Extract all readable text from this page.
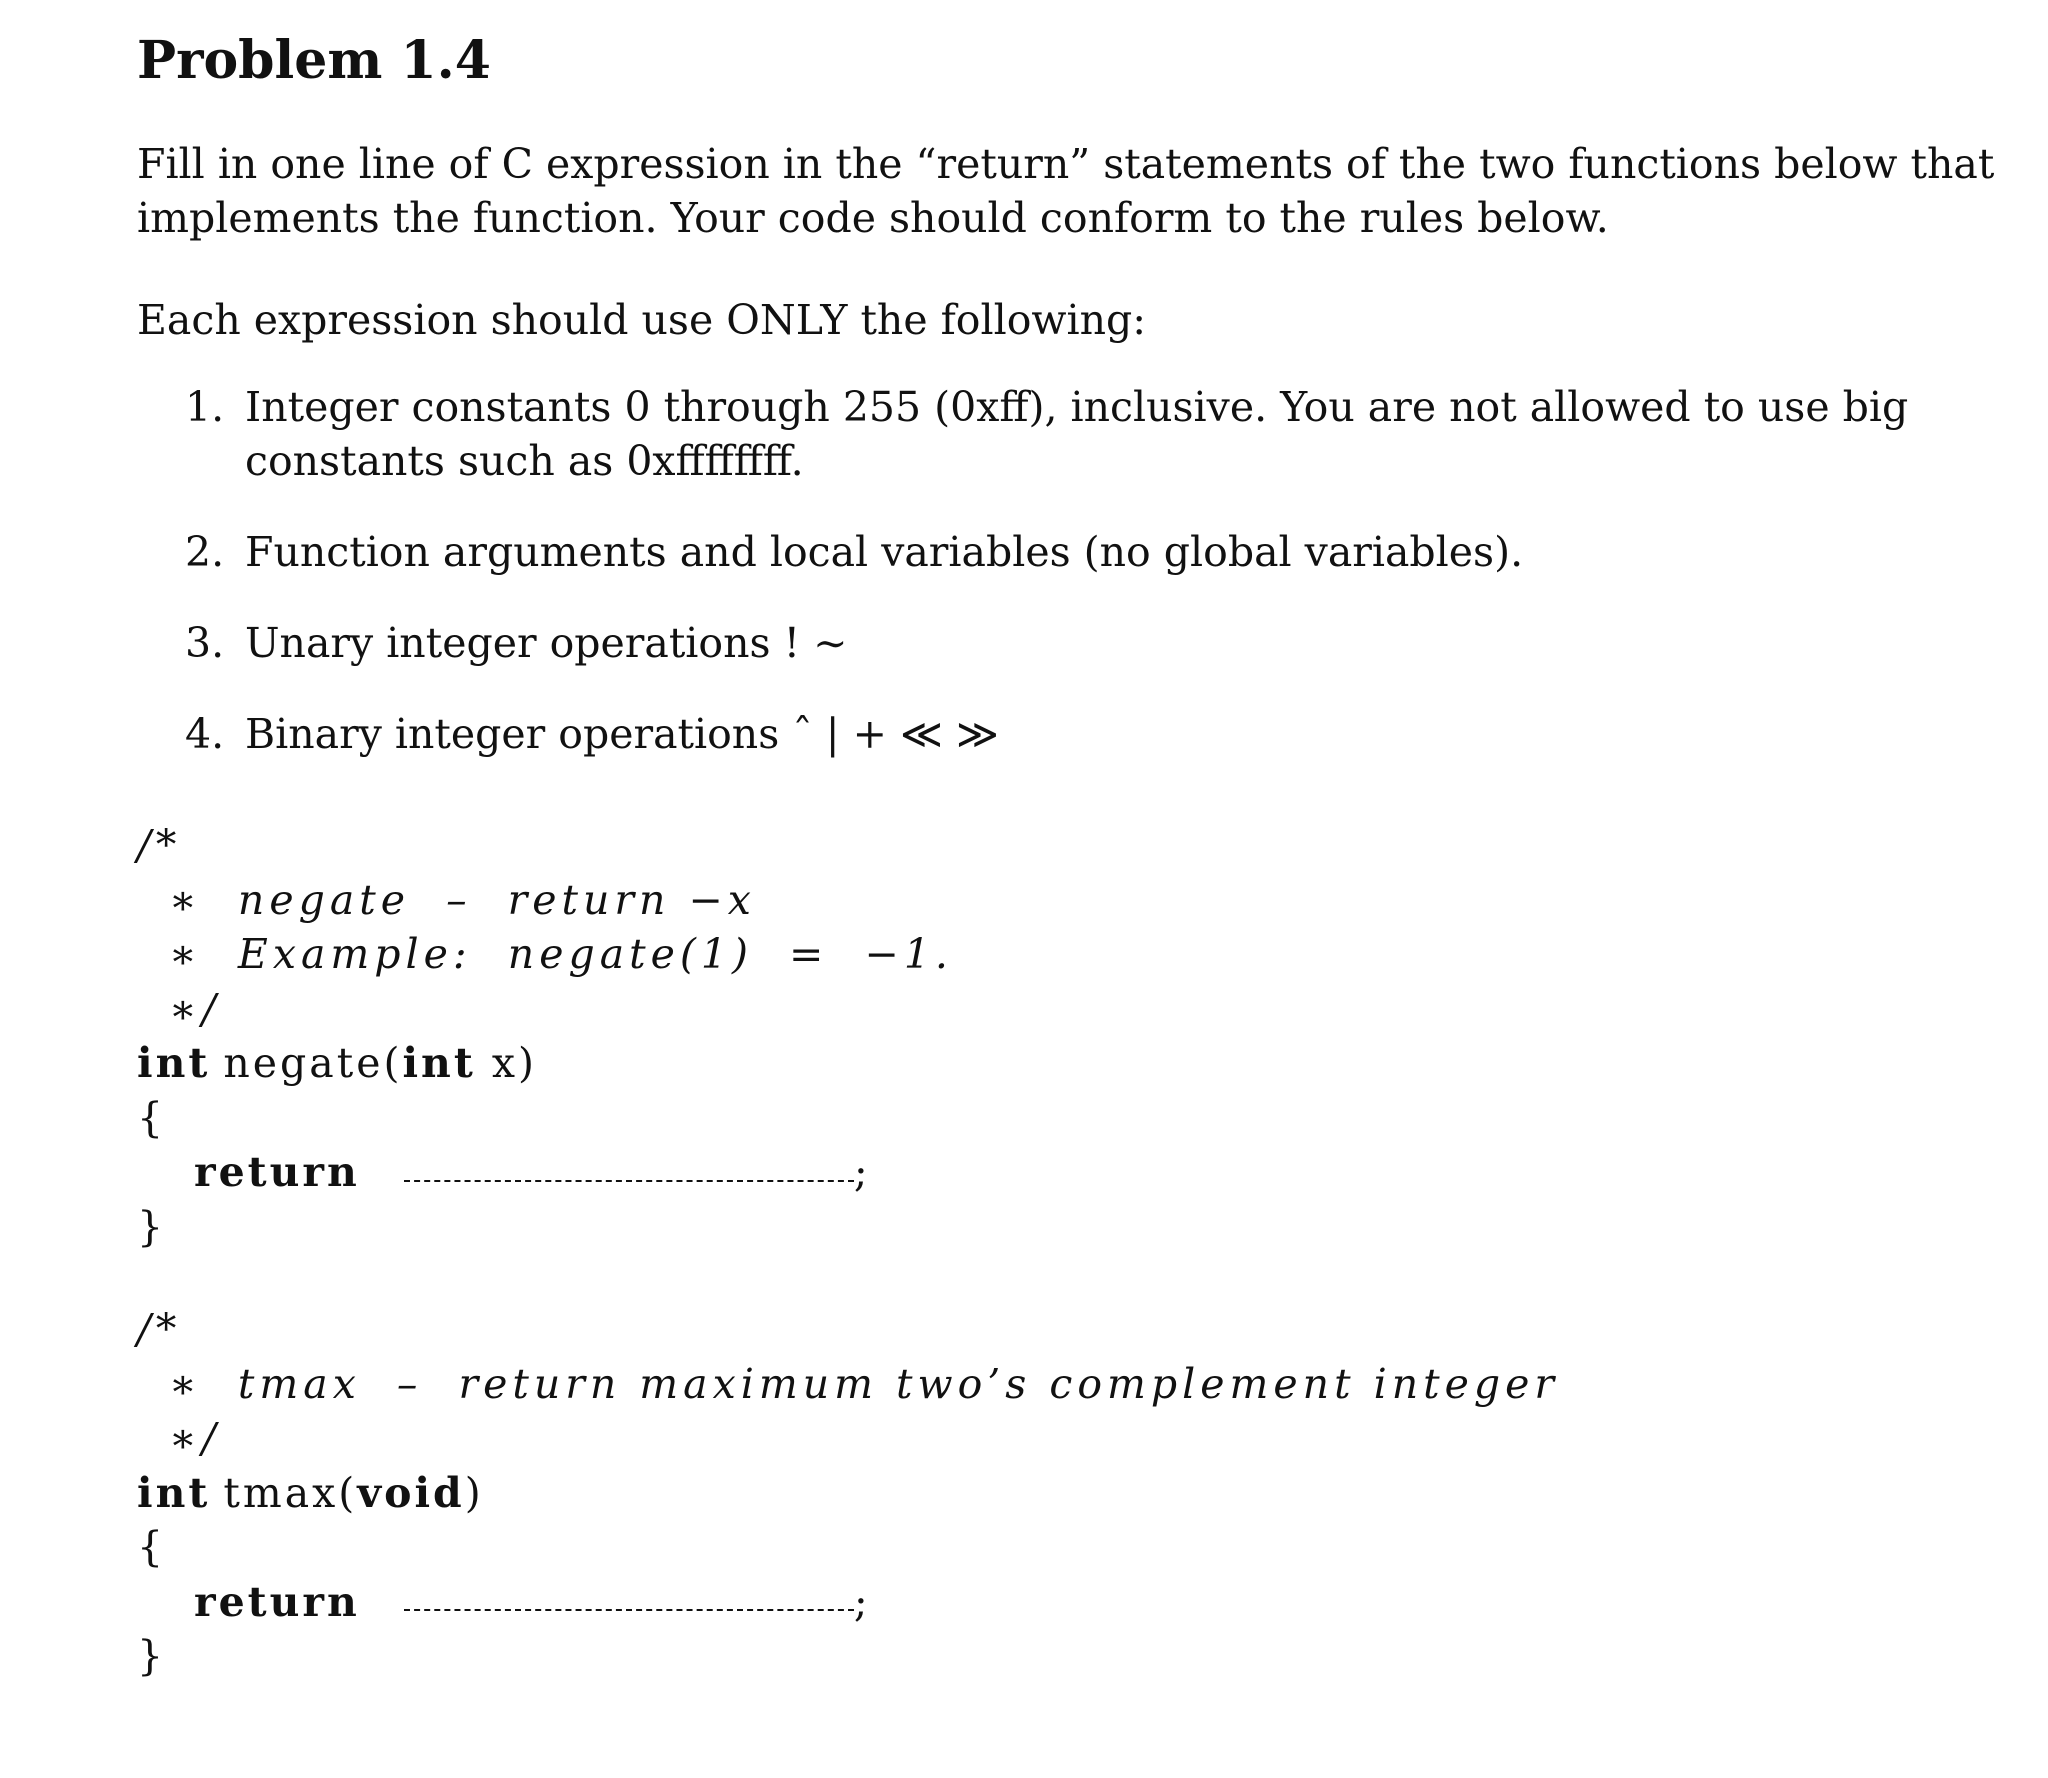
Problem 1.4
Fill in one line of C expression in the “return” statements of the two functions below that
implements the function. Your code should conform to the rules below.
Each expression should use ONLY the following:
1. Integer constants 0 through 255 (0xff), inclusive. You are not allowed to use big
constants such as 0xffffffff.
2. Function arguments and local variables (no global variables).
3. Unary integer operations ! ∼
4. Binary integer operations ˆ | + ≪ ≫
/*
∗  negate  –  return −x
∗  Example:  negate(1)  =  −1.
∗/
int negate(int x)
{
return	;
}
/*
∗  tmax  –  return maximum two’s complement integer
∗/
int tmax(void)
{
return	;
}
